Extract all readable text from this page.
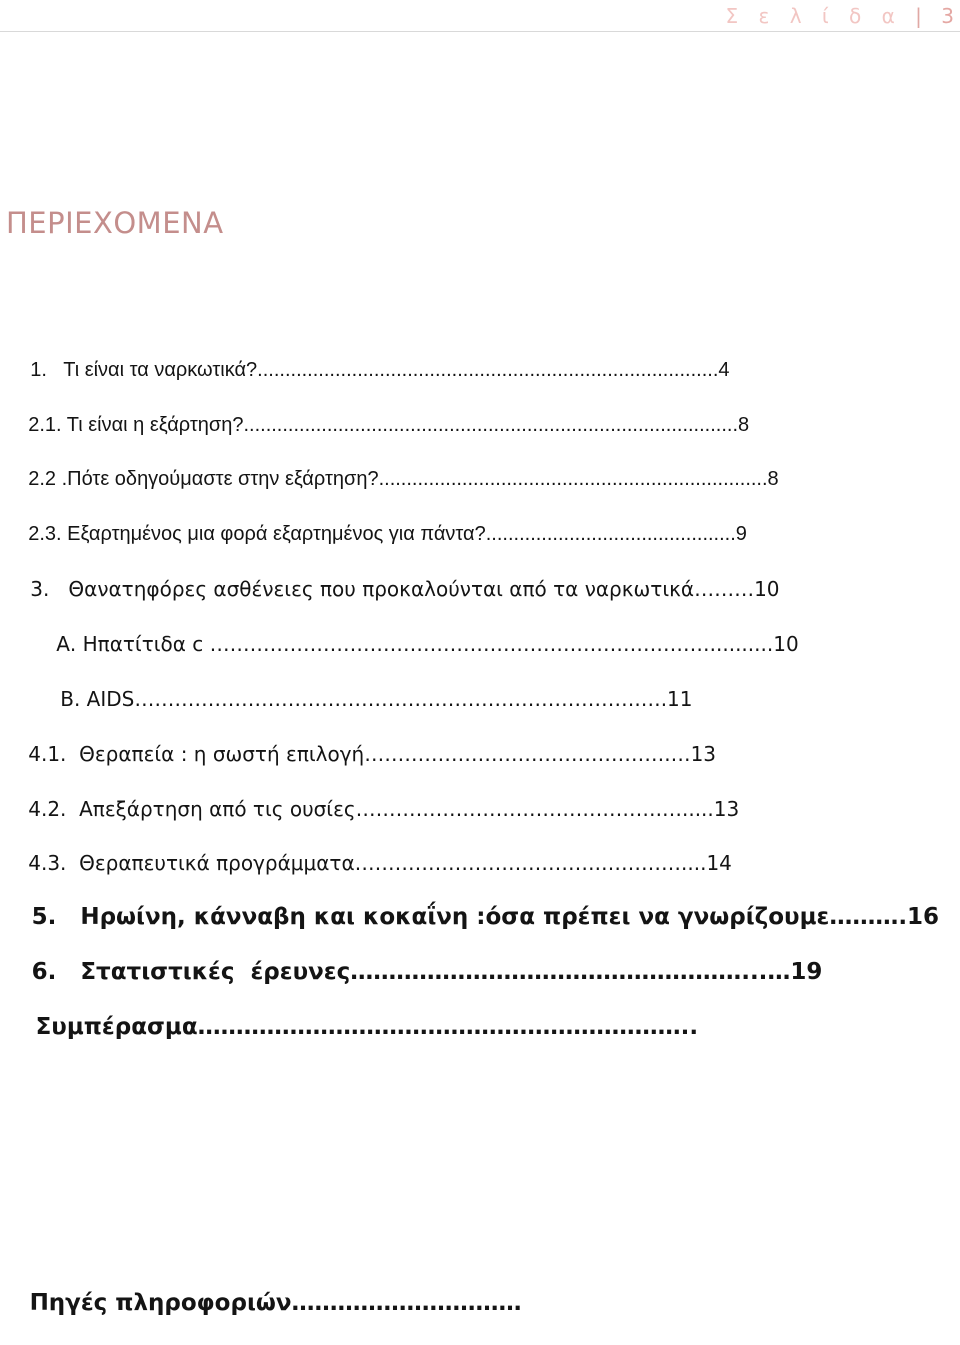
Σ ε λ ί δ α | 3
ΠΕΡΙΕΧΟΜΕΝΑ

1.   Τι είναι τα ναρκωτικά?...................................................................................4

2.1. Τι είναι η εξάρτηση?.........................................................................................8

2.2 .Πότε οδηγούμαστε στην εξάρτηση?......................................................................8

2.3. Εξαρτημένος μια φορά εξαρτημένος για πάντα?.............................................9

3.   Θανατηφόρες ασθένειες που προκαλούνται από τα ναρκωτικά………10

Α. Ηπατίτιδα c …………………………………………………………………..........10

Β. AIDS………………………………………………………………….….11

4.1.  Θεραπεία : η σωστή επιλογή……………………………………….…13

4.2.  Απεξάρτηση από τις ουσίες……………………………………….….....13

4.3.  Θεραπευτικά προγράμματα……………………………….…………....14

5.   Ηρωίνη, κάνναβη και κοκαΐνη :όσα πρέπει να γνωρίζουμε……….16

6.   Στατιστικές  έρευνες……………………………………………...…19

Συμπέρασμα………………………………………………………..

Πηγές πληροφοριών…………………………
